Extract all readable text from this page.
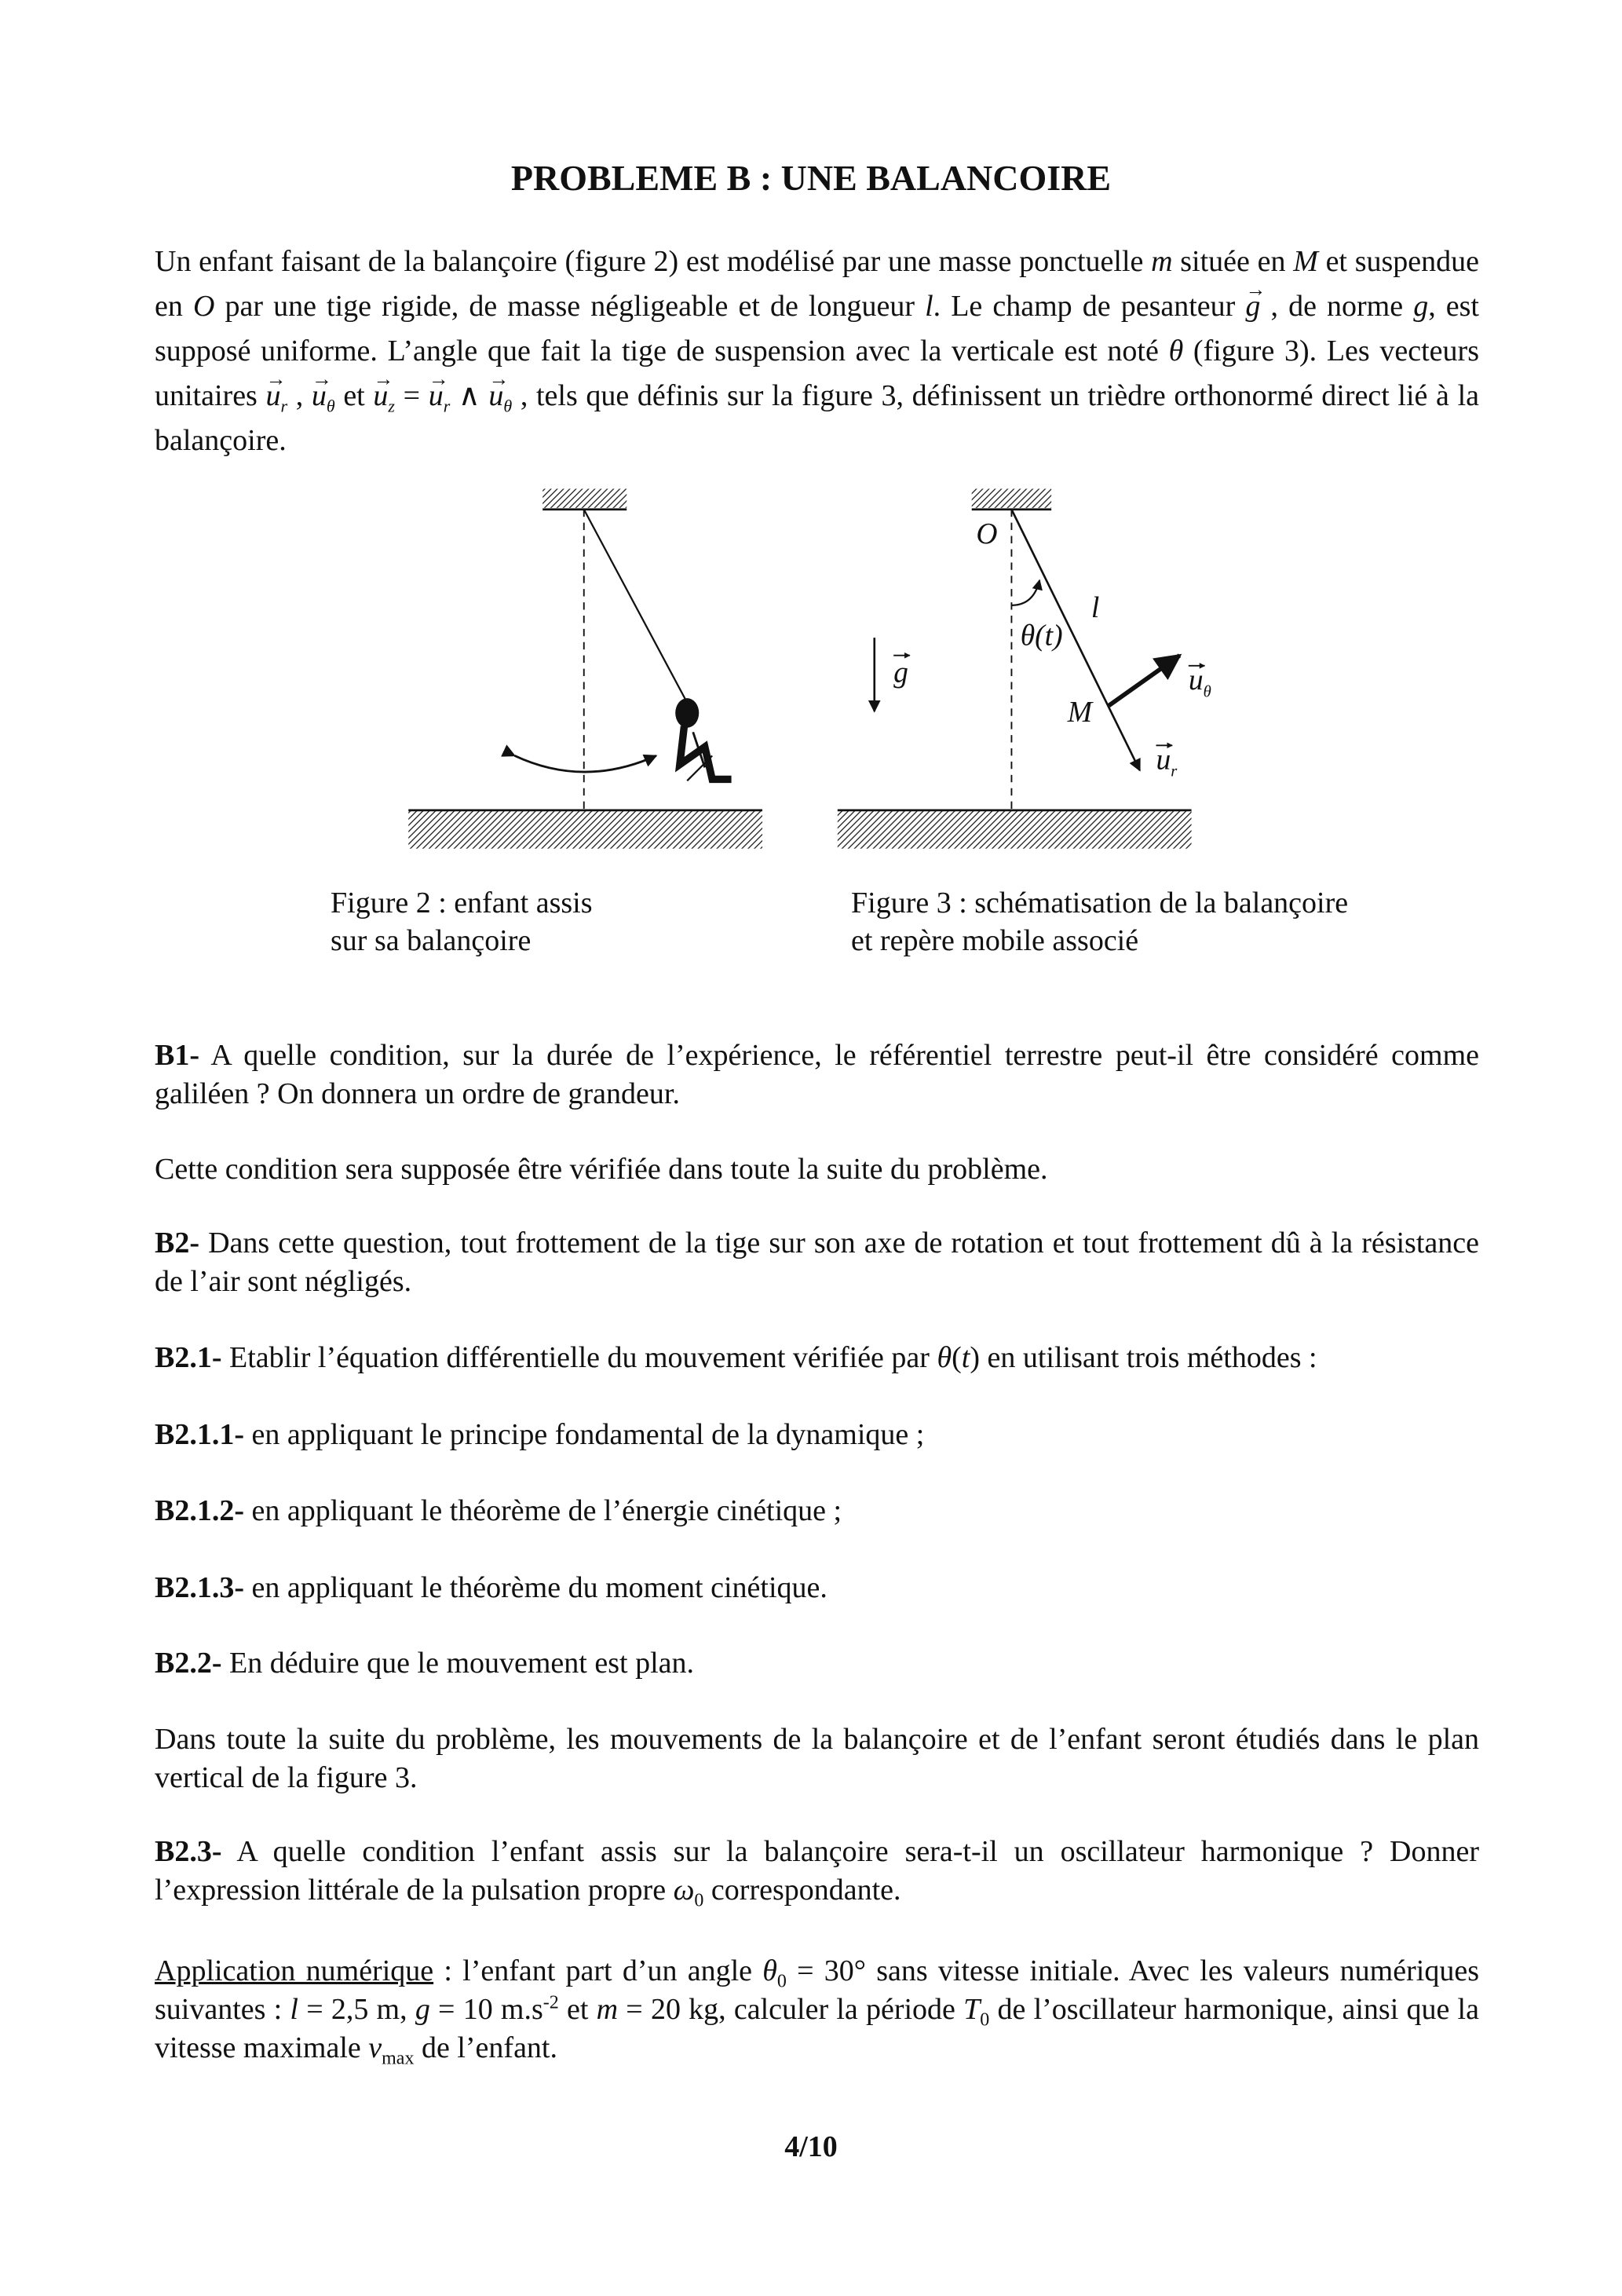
PROBLEME B : UNE BALANCOIRE
Un enfant faisant de la balançoire (figure 2) est modélisé par une masse ponctuelle m située en M et suspendue en O par une tige rigide, de masse négligeable et de longueur l. Le champ de pesanteur → g , de norme g, est supposé uniforme. L’angle que fait la tige de suspension avec la verticale est noté θ (figure 3). Les vecteurs unitaires → $u_r$ , → $u_\theta$ et → $u_z$ = → $u_r$ ∧ → $u_\theta$ , tels que définis sur la figure 3, définissent un trièdre orthonormé direct lié à la balançoire.
O
l
θ(t)
g
M
$u_\theta$
$u_r$
Figure 2 : enfant assis
sur sa balançoire
Figure 3 : schématisation de la balançoire
et repère mobile associé
B1- A quelle condition, sur la durée de l’expérience, le référentiel terrestre peut-il être considéré comme galiléen ? On donnera un ordre de grandeur.
Cette condition sera supposée être vérifiée dans toute la suite du problème.
B2- Dans cette question, tout frottement de la tige sur son axe de rotation et tout frottement dû à la résistance de l’air sont négligés.
B2.1- Etablir l’équation différentielle du mouvement vérifiée par θ(t) en utilisant trois méthodes :
B2.1.1- en appliquant le principe fondamental de la dynamique ;
B2.1.2- en appliquant le théorème de l’énergie cinétique ;
B2.1.3- en appliquant le théorème du moment cinétique.
B2.2- En déduire que le mouvement est plan.
Dans toute la suite du problème, les mouvements de la balançoire et de l’enfant seront étudiés dans le plan vertical de la figure 3.
B2.3- A quelle condition l’enfant assis sur la balançoire sera-t-il un oscillateur harmonique ? Donner l’expression littérale de la pulsation propre $\omega_0$ correspondante.
Application numérique : l’enfant part d’un angle $\theta_0 = 30^\circ$ sans vitesse initiale. Avec les valeurs numériques suivantes : l = 2,5 m, g = 10 $m.s^{-2}$ et m = 20 kg, calculer la période $T_0$ de l’oscillateur harmonique, ainsi que la vitesse maximale $v_{max}$ de l’enfant.
4/10
